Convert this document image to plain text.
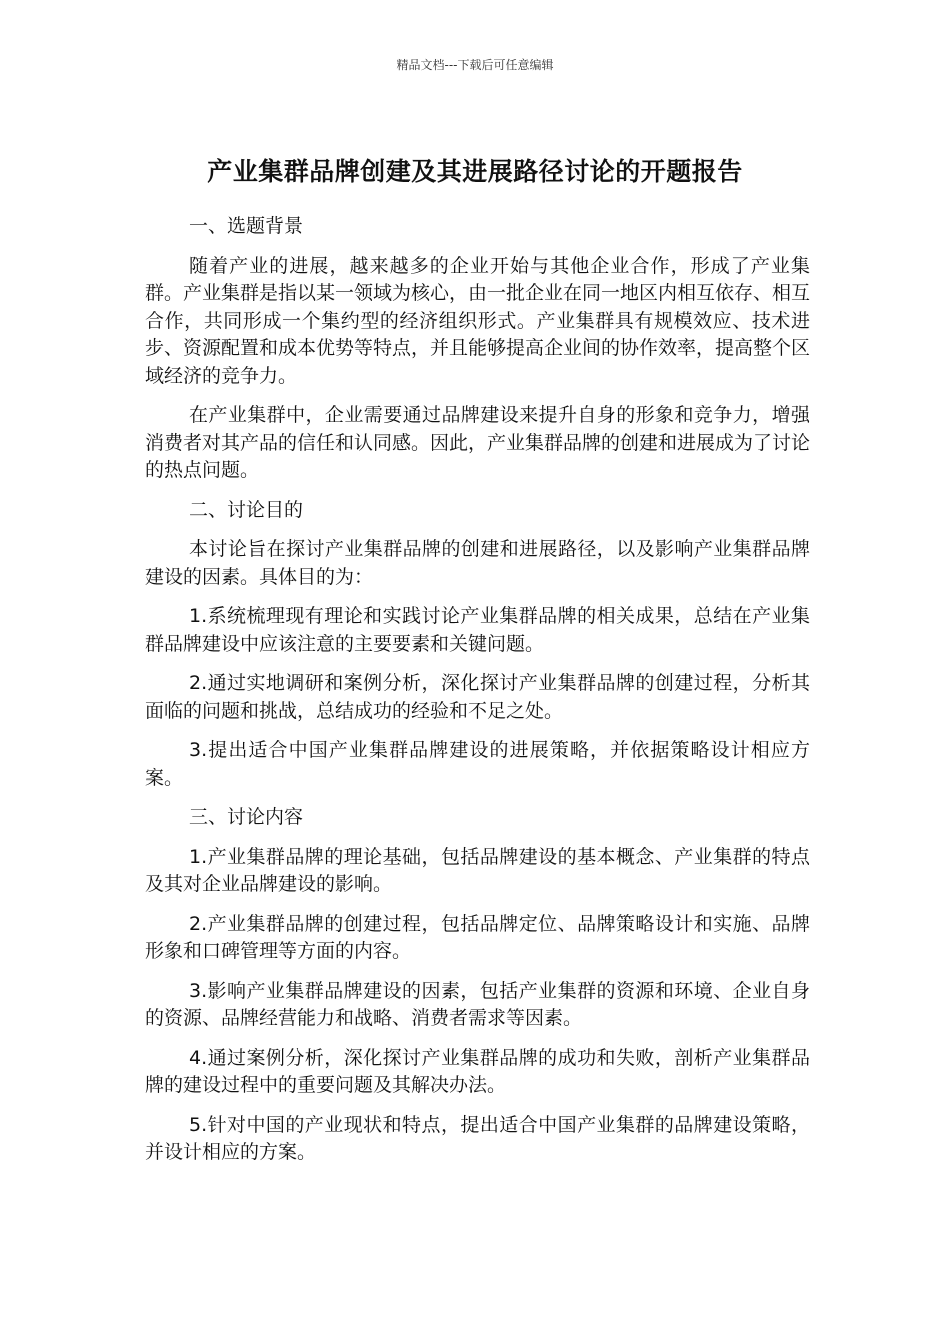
精品文档---下载后可任意编辑
产业集群品牌创建及其进展路径讨论的开题报告

一、选题背景

随着产业的进展，越来越多的企业开始与其他企业合作，形成了产业集群。产业集群是指以某一领域为核心，由一批企业在同一地区内相互依存、相互合作，共同形成一个集约型的经济组织形式。产业集群具有规模效应、技术进步、资源配置和成本优势等特点，并且能够提高企业间的协作效率，提高整个区域经济的竞争力。

在产业集群中，企业需要通过品牌建设来提升自身的形象和竞争力，增强消费者对其产品的信任和认同感。因此，产业集群品牌的创建和进展成为了讨论的热点问题。

二、讨论目的

本讨论旨在探讨产业集群品牌的创建和进展路径，以及影响产业集群品牌建设的因素。具体目的为：

1.系统梳理现有理论和实践讨论产业集群品牌的相关成果，总结在产业集群品牌建设中应该注意的主要要素和关键问题。

2.通过实地调研和案例分析，深化探讨产业集群品牌的创建过程，分析其面临的问题和挑战，总结成功的经验和不足之处。

3.提出适合中国产业集群品牌建设的进展策略，并依据策略设计相应方案。

三、讨论内容

1.产业集群品牌的理论基础，包括品牌建设的基本概念、产业集群的特点及其对企业品牌建设的影响。

2.产业集群品牌的创建过程，包括品牌定位、品牌策略设计和实施、品牌形象和口碑管理等方面的内容。

3.影响产业集群品牌建设的因素，包括产业集群的资源和环境、企业自身的资源、品牌经营能力和战略、消费者需求等因素。

4.通过案例分析，深化探讨产业集群品牌的成功和失败，剖析产业集群品牌的建设过程中的重要问题及其解决办法。

5.针对中国的产业现状和特点，提出适合中国产业集群的品牌建设策略，并设计相应的方案。
